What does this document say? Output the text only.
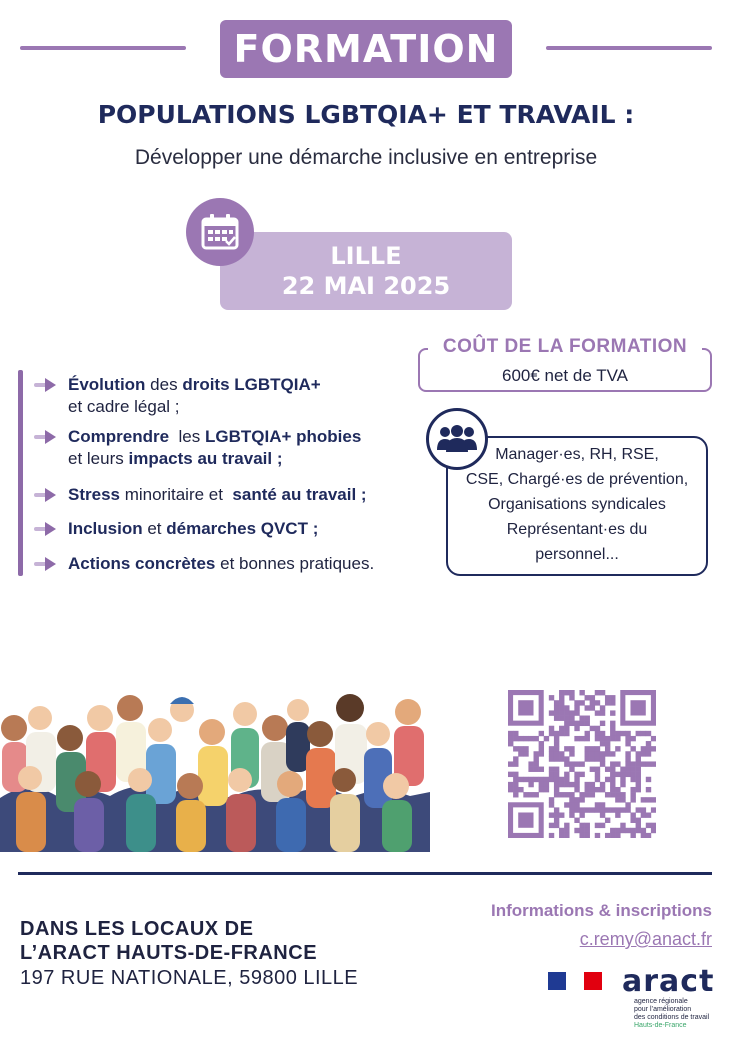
FORMATION
POPULATIONS LGBTQIA+ ET TRAVAIL :
Développer une démarche inclusive en entreprise
LILLE
22 MAI 2025
Évolution des droits LGBTQIA+
et cadre légal ;
Comprendre  les LGBTQIA+ phobies
et leurs impacts au travail ;
Stress minoritaire et  santé au travail ;
Inclusion et démarches QVCT ;
Actions concrètes et bonnes pratiques.
COÛT DE LA FORMATION
600€ net de TVA
Manager·es, RH, RSE,
CSE, Chargé·es de prévention,
Organisations syndicales
Représentant·es du
personnel...
DANS LES LOCAUX DE
L’ARACT HAUTS-DE-FRANCE
197 RUE NATIONALE, 59800 LILLE
Informations & inscriptions
c.remy@anact.fr
aract
agence régionale
pour l’amélioration
des conditions de travail
Hauts-de-France
